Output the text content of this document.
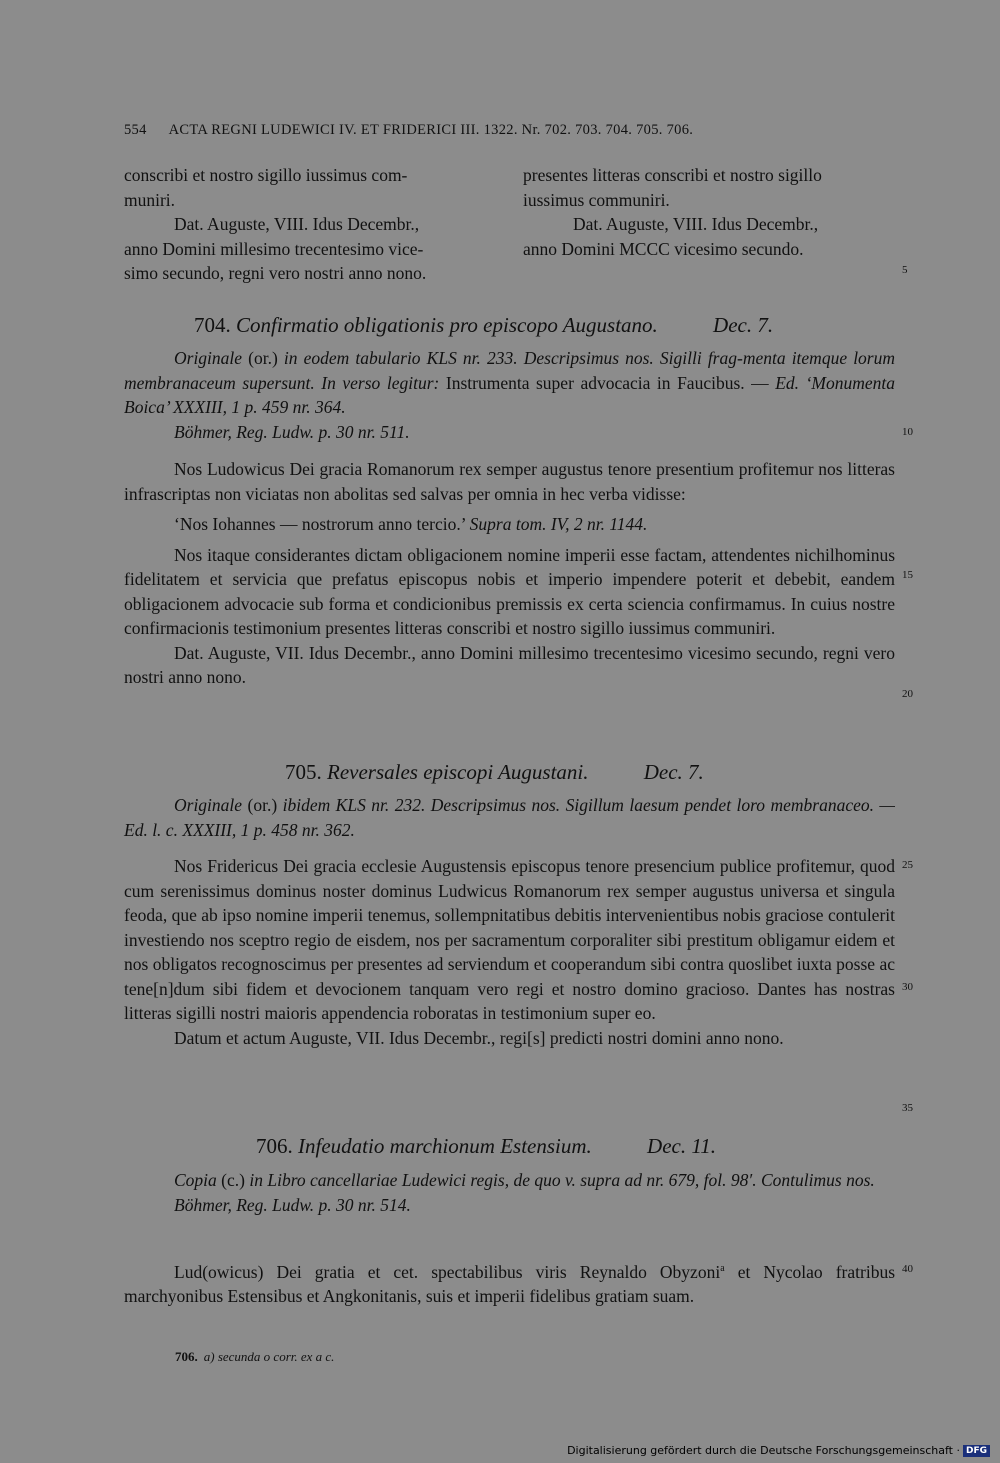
554 ACTA REGNI LUDEWICI IV. ET FRIDERICI III. 1322. Nr. 702. 703. 704. 705. 706.

conscribi et nostro sigillo iussimus com-

muniri.

Dat. Auguste, VIII. Idus Decembr.,

anno Domini millesimo trecentesimo vice-

simo secundo, regni vero nostri anno nono.

presentes litteras conscribi et nostro sigillo

iussimus communiri.

Dat. Auguste, VIII. Idus Decembr.,

anno Domini MCCC vicesimo secundo.

704. Confirmatio obligationis pro episcopo Augustano.	Dec. 7.

Originale (or.) in eodem tabulario KLS nr. 233. Descripsimus nos. Sigilli frag-menta itemque lorum membranaceum supersunt. In verso legitur: Instrumenta super advocacia in Faucibus. — Ed. ‘Monumenta Boica’ XXXIII, 1 p. 459 nr. 364.

Böhmer, Reg. Ludw. p. 30 nr. 511.

Nos Ludowicus Dei gracia Romanorum rex semper augustus tenore presentium profitemur nos litteras infrascriptas non viciatas non abolitas sed salvas per omnia in hec verba vidisse:

‘Nos Iohannes — nostrorum anno tercio.’ Supra tom. IV, 2 nr. 1144.

Nos itaque considerantes dictam obligacionem nomine imperii esse factam, attendentes nichilhominus fidelitatem et servicia que prefatus episcopus nobis et imperio impendere poterit et debebit, eandem obligacionem advocacie sub forma et condicionibus premissis ex certa sciencia confirmamus. In cuius nostre confirmacionis testimonium presentes litteras conscribi et nostro sigillo iussimus communiri.

Dat. Auguste, VII. Idus Decembr., anno Domini millesimo trecentesimo vicesimo secundo, regni vero nostri anno nono.

705. Reversales episcopi Augustani.	Dec. 7.

Originale (or.) ibidem KLS nr. 232. Descripsimus nos. Sigillum laesum pendet loro membranaceo. — Ed. l. c. XXXIII, 1 p. 458 nr. 362.

Nos Fridericus Dei gracia ecclesie Augustensis episcopus tenore presencium publice profitemur, quod cum serenissimus dominus noster dominus Ludwicus Romanorum rex semper augustus universa et singula feoda, que ab ipso nomine imperii tenemus, sollempnitatibus debitis intervenientibus nobis graciose contulerit investiendo nos sceptro regio de eisdem, nos per sacramentum corporaliter sibi prestitum obligamur eidem et nos obligatos recognoscimus per presentes ad serviendum et cooperandum sibi contra quoslibet iuxta posse ac tene[n]dum sibi fidem et devocionem tanquam vero regi et nostro domino gracioso. Dantes has nostras litteras sigilli nostri maioris appendencia roboratas in testimonium super eo.

Datum et actum Auguste, VII. Idus Decembr., regi[s] predicti nostri domini anno nono.

706. Infeudatio marchionum Estensium.	Dec. 11.

Copia (c.) in Libro cancellariae Ludewici regis, de quo v. supra ad nr. 679, fol. 98′. Contulimus nos.

Böhmer, Reg. Ludw. p. 30 nr. 514.

Lud(owicus) Dei gratia et cet. spectabilibus viris Reynaldo Obyzoni$^a$ et Nycolao fratribus marchyonibus Estensibus et Angkonitanis, suis et imperii fidelibus gratiam suam.

5
10
15
20
25
30
35
40
706. a) secunda o corr. ex a c.
Digitalisierung gefördert durch die Deutsche Forschungsgemeinschaft · DFG
